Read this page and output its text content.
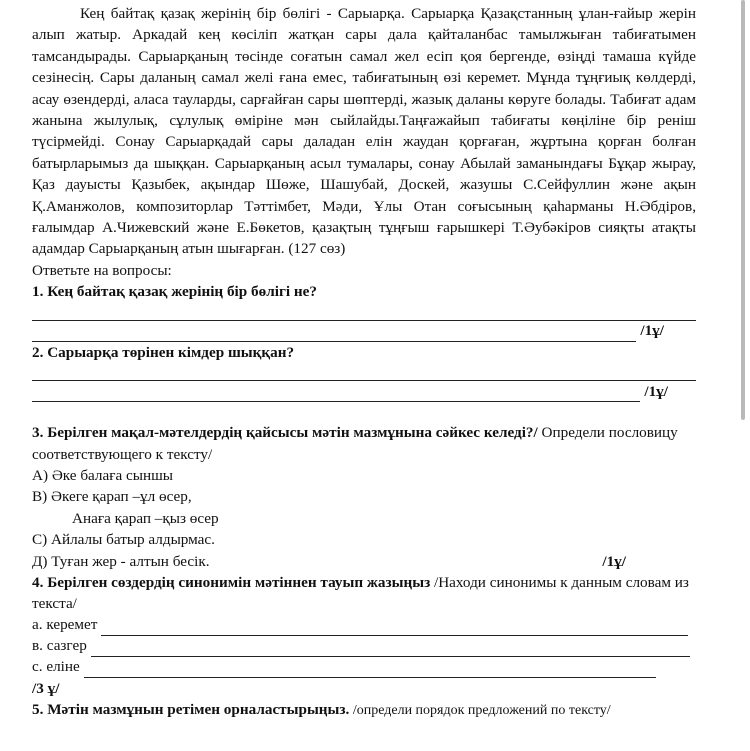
Кең байтақ қазақ жерінің бір бөлігі - Сарыарқа. Сарыарқа Қазақстанның ұлан-ғайыр жерін алып жатыр. Аркадай кең көсіліп жатқан сары дала қайталанбас тамылжыған табиғатымен тамсандырады. Сарыарқаның төсінде соғатын самал жел есіп қоя бергенде, өзіңді тамаша күйде сезінесің. Сары даланың самал желі ғана емес, табиғатының өзі керемет. Мұнда тұңғиық көлдерді, асау өзендерді, аласа тауларды, сарғайған сары шөптерді, жазық даланы көруге болады. Табиғат адам жанына жылулық, сұлулық өміріне мән сыйлайды.Таңғажайып табиғаты көңіліне бір реніш түсірмейді. Сонау Сарыарқадай сары даладан елін жаудан қорғаған, жұртына қорған болған батырларымыз да шыққан. Сарыарқаның асыл тумалары, сонау Абылай заманындағы Бұқар жырау, Қаз дауысты Қазыбек, ақындар Шөже, Шашубай, Доскей, жазушы С.Сейфуллин және ақын Қ.Аманжолов, композиторлар Тәттімбет, Мәди, Ұлы Отан соғысының қаһарманы Н.Әбдіров, ғалымдар А.Чижевский және Е.Бөкетов, қазақтың тұңғыш ғарышкері Т.Әубәкіров сияқты атақты адамдар Сарыарқаның атын шығарған. (127 сөз)

Ответьте на вопросы:
1. Кең байтақ қазақ жерінің бір бөлігі не?
/1ұ/
2. Сарыарқа төрінен кімдер шыққан?
/1ұ/
3. Берілген мақал-мәтелдердің қайсысы мәтін мазмұнына сәйкес келеді?/ Определи пословицу соответствующего к тексту/
А) Әке балаға сыншы
В) Әкеге қарап –ұл өсер,
Анаға қарап –қыз өсер
С) Айлалы батыр алдырмас.
Д) Туған жер - алтын бесік.	/1ұ/
4. Берілген сөздердің синонимін мәтіннен тауып жазыңыз /Находи синонимы к данным словам из текста/
а. керемет
в. сазгер
с. еліне
/3 ұ/
5. Мәтін мазмұнын ретімен орналастырыңыз. /определи порядок предложений по тексту/
